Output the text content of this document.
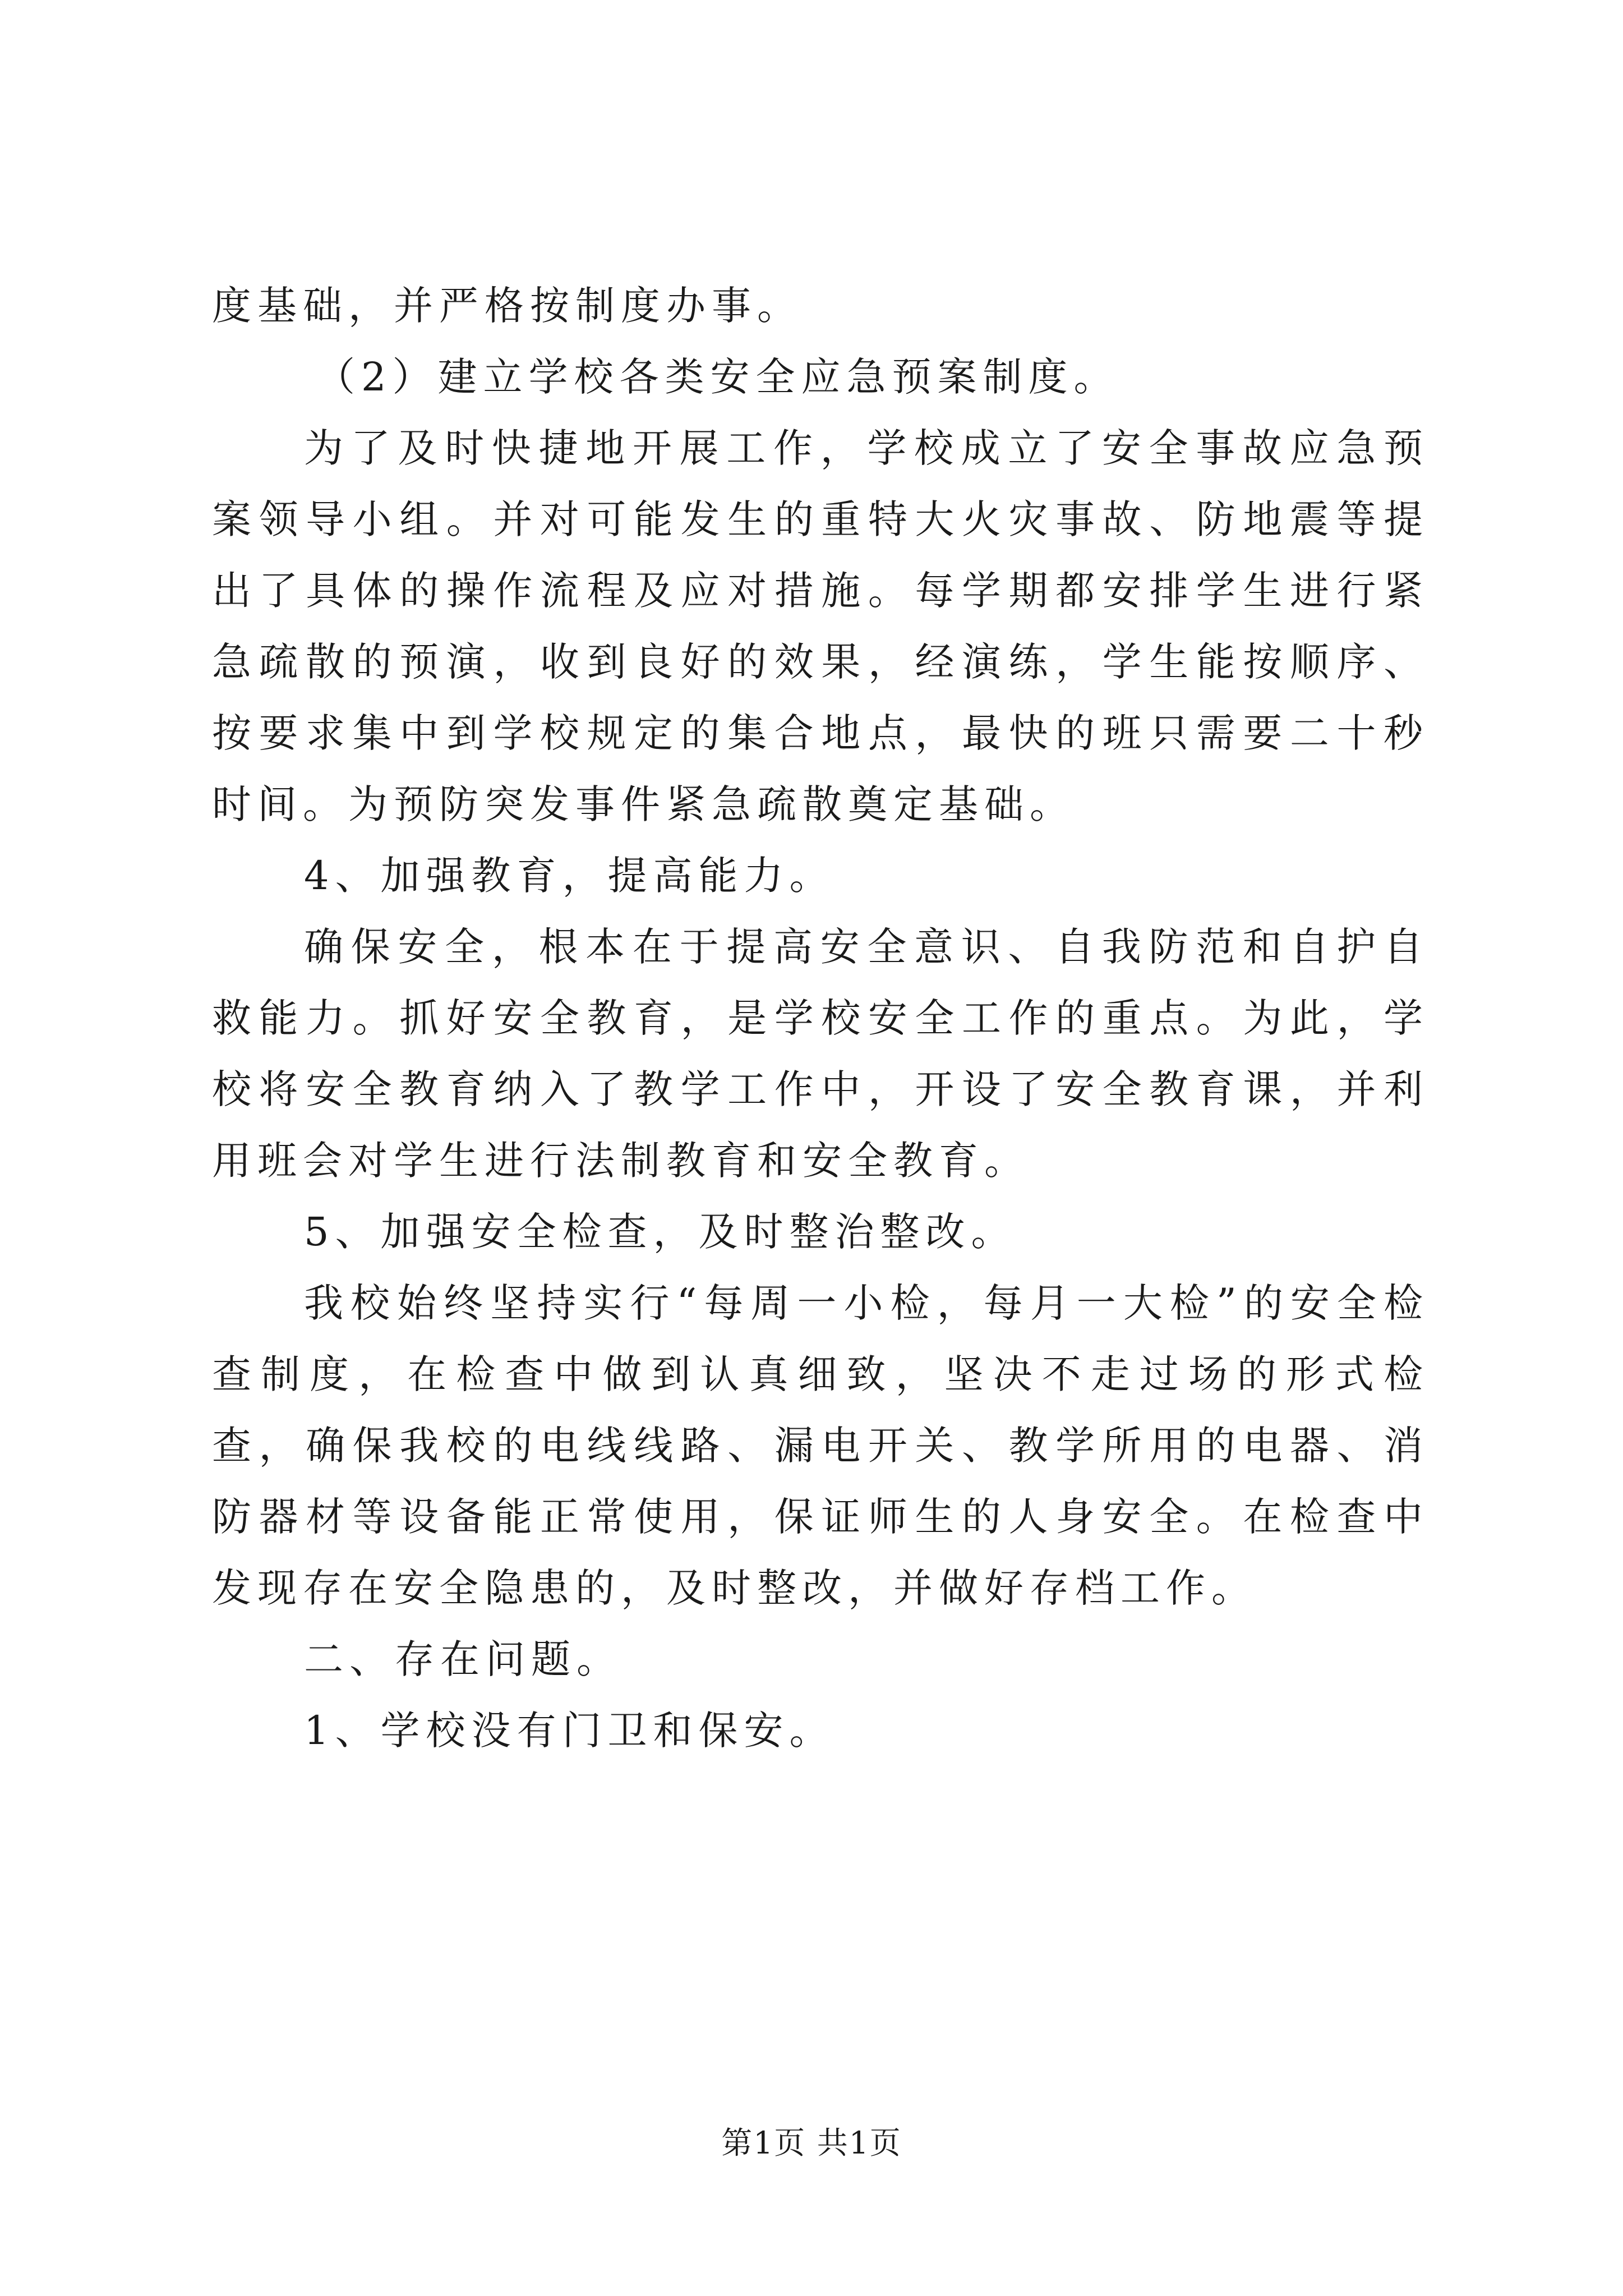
度基础，并严格按制度办事。

（2）建立学校各类安全应急预案制度。

为了及时快捷地开展工作，学校成立了安全事故应急预案领导小组。并对可能发生的重特大火灾事故、防地震等提出了具体的操作流程及应对措施。每学期都安排学生进行紧急疏散的预演，收到良好的效果，经演练，学生能按顺序、按要求集中到学校规定的集合地点，最快的班只需要二十秒时间。为预防突发事件紧急疏散奠定基础。

4、加强教育，提高能力。

确保安全，根本在于提高安全意识、自我防范和自护自救能力。抓好安全教育，是学校安全工作的重点。为此，学校将安全教育纳入了教学工作中，开设了安全教育课，并利用班会对学生进行法制教育和安全教育。

5、加强安全检查，及时整治整改。

我校始终坚持实行“每周一小检，每月一大检”的安全检查制度，在检查中做到认真细致，坚决不走过场的形式检查，确保我校的电线线路、漏电开关、教学所用的电器、消防器材等设备能正常使用，保证师生的人身安全。在检查中发现存在安全隐患的，及时整改，并做好存档工作。

二、存在问题。

1、学校没有门卫和保安。

第1页 共1页
